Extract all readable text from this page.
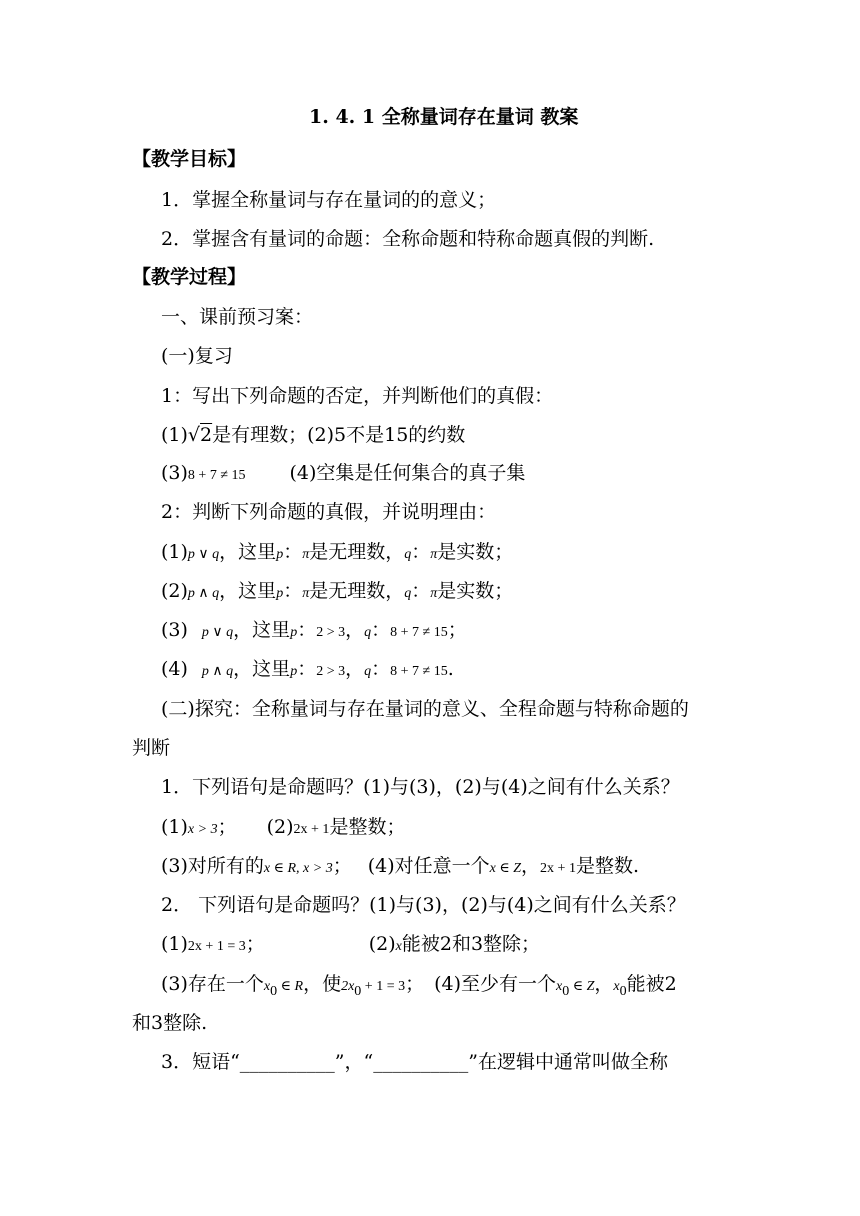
1. 4. 1 全称量词存在量词 教案
【教学目标】
1．掌握全称量词与存在量词的的意义；
2．掌握含有量词的命题：全称命题和特称命题真假的判断.
【教学过程】
一、课前预习案：
(一)复习
1：写出下列命题的否定，并判断他们的真假：
(1)√2是有理数；(2)5不是15的约数
(3)8 + 7 ≠ 15 (4)空集是任何集合的真子集
2：判断下列命题的真假，并说明理由：
(1)p ∨ q，这里p：π是无理数，q：π是实数；
(2)p ∧ q，这里p：π是无理数，q：π是实数；
(3) p ∨ q，这里p：2 > 3，q：8 + 7 ≠ 15；
(4) p ∧ q，这里p：2 > 3，q：8 + 7 ≠ 15.
(二)探究：全称量词与存在量词的意义、全程命题与特称命题的
判断
1．下列语句是命题吗？(1)与(3)，(2)与(4)之间有什么关系？
(1)x > 3； (2)2x + 1是整数；
(3)对所有的x ∈ R, x > 3； (4)对任意一个x ∈ Z，2x + 1是整数.
2． 下列语句是命题吗？(1)与(3)，(2)与(4)之间有什么关系？
(1)2x + 1 = 3；	(2)x能被2和3整除；
(3)存在一个$x_0$ ∈ R，使$2x_0 + 1 = 3$； (4)至少有一个$x_0$ ∈ Z，$x_0$能被2
和3整除.
3．短语“__________”，“__________”在逻辑中通常叫做全称
